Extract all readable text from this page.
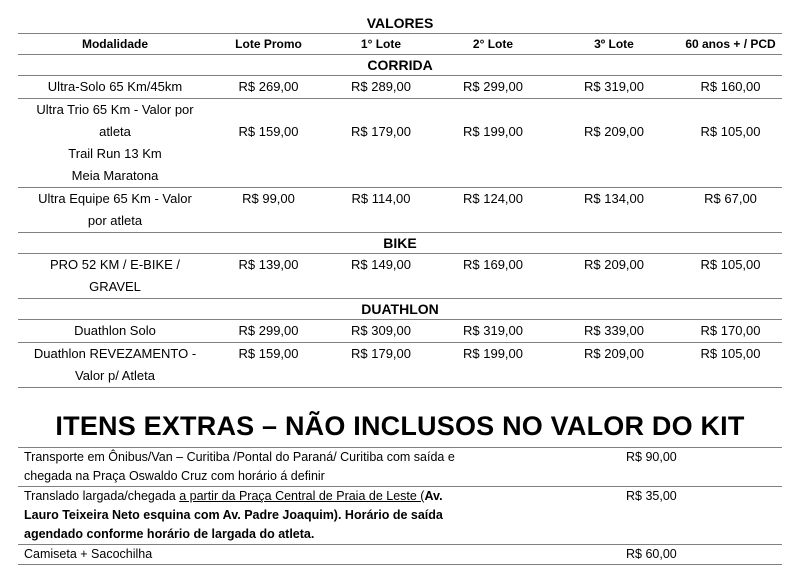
VALORES					
Modalidade	Lote Promo	1° Lote	2° Lote	3º Lote	60 anos + / PCD
CORRIDA					

Ultra-Solo 65 Km/45km	R$ 269,00	R$ 289,00	R$ 299,00	R$ 319,00	R$ 160,00

Ultra Trio 65 Km - Valor por
atleta
Trail Run 13 Km
Meia Maratona	R$ 159,00	R$ 179,00	R$ 199,00	R$ 209,00	R$ 105,00

Ultra Equipe 65 Km - Valor
por atleta	R$ 99,00	R$ 114,00	R$ 124,00	R$ 134,00	R$ 67,00
BIKE					

PRO 52 KM / E-BIKE /
GRAVEL	R$ 139,00	R$ 149,00	R$ 169,00	R$ 209,00	R$ 105,00
DUATHLON					

Duathlon Solo	R$ 299,00	R$ 309,00	R$ 319,00	R$ 339,00	R$ 170,00

Duathlon REVEZAMENTO -
Valor p/ Atleta	R$ 159,00	R$ 179,00	R$ 199,00	R$ 209,00	R$ 105,00
ITENS EXTRAS – NÃO INCLUSOS NO VALOR DO KIT
Transporte em Ônibus/Van – Curitiba /Pontal do Paraná/ Curitiba com saída e
chegada na Praça Oswaldo Cruz com horário á definir	R$ 90,00

Translado largada/chegada a partir da Praça Central de Praia de Leste (Av.
Lauro Teixeira Neto esquina com Av. Padre Joaquim). Horário de saída
agendado conforme horário de largada do atleta.	R$ 35,00

Camiseta + Sacochilha	R$ 60,00
